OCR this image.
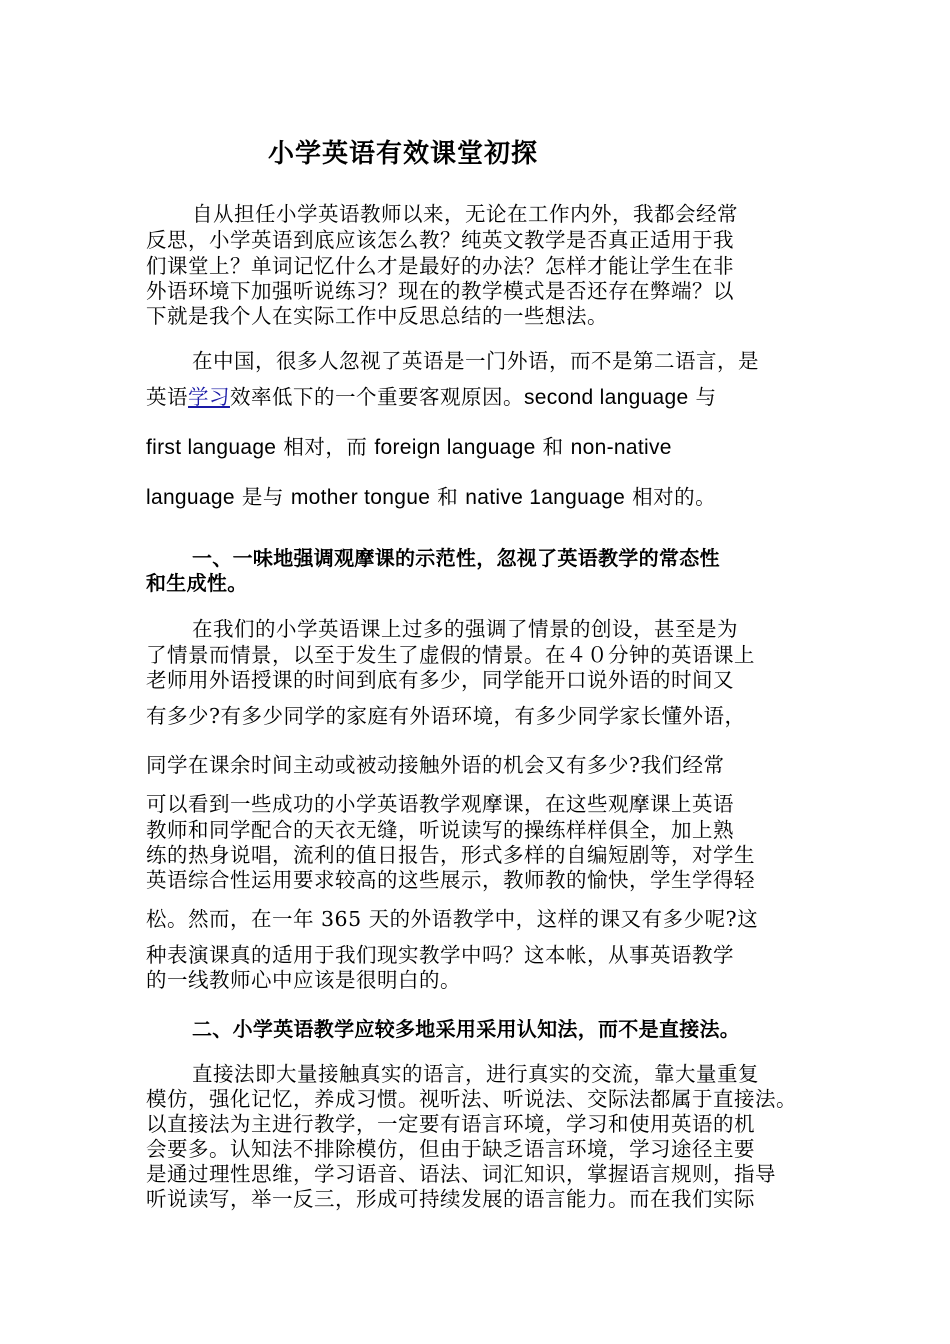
小学英语有效课堂初探
自从担任小学英语教师以来，无论在工作内外，我都会经常
反思，小学英语到底应该怎么教？纯英文教学是否真正适用于我
们课堂上？单词记忆什么才是最好的办法？怎样才能让学生在非
外语环境下加强听说练习？现在的教学模式是否还存在弊端？以
下就是我个人在实际工作中反思总结的一些想法。
在中国，很多人忽视了英语是一门外语，而不是第二语言，是
英语学习效率低下的一个重要客观原因。second language 与
first language 相对，而 foreign language 和 non-native
language 是与 mother tongue 和 native 1anguage 相对的。
一、一味地强调观摩课的示范性，忽视了英语教学的常态性
和生成性。
在我们的小学英语课上过多的强调了情景的创设，甚至是为
了情景而情景，以至于发生了虚假的情景。在４０分钟的英语课上
老师用外语授课的时间到底有多少，同学能开口说外语的时间又
有多少?有多少同学的家庭有外语环境，有多少同学家长懂外语，
同学在课余时间主动或被动接触外语的机会又有多少?我们经常
可以看到一些成功的小学英语教学观摩课，在这些观摩课上英语
教师和同学配合的天衣无缝，听说读写的操练样样俱全，加上熟
练的热身说唱，流利的值日报告，形式多样的自编短剧等，对学生
英语综合性运用要求较高的这些展示，教师教的愉快，学生学得轻
松。然而，在一年 365 天的外语教学中，这样的课又有多少呢?这
种表演课真的适用于我们现实教学中吗？这本帐，从事英语教学
的一线教师心中应该是很明白的。
二、小学英语教学应较多地采用采用认知法，而不是直接法。
直接法即大量接触真实的语言，进行真实的交流，靠大量重复
模仿，强化记忆，养成习惯。视听法、听说法、交际法都属于直接法。
以直接法为主进行教学，一定要有语言环境，学习和使用英语的机
会要多。认知法不排除模仿，但由于缺乏语言环境，学习途径主要
是通过理性思维，学习语音、语法、词汇知识，掌握语言规则，指导
听说读写，举一反三，形成可持续发展的语言能力。而在我们实际
